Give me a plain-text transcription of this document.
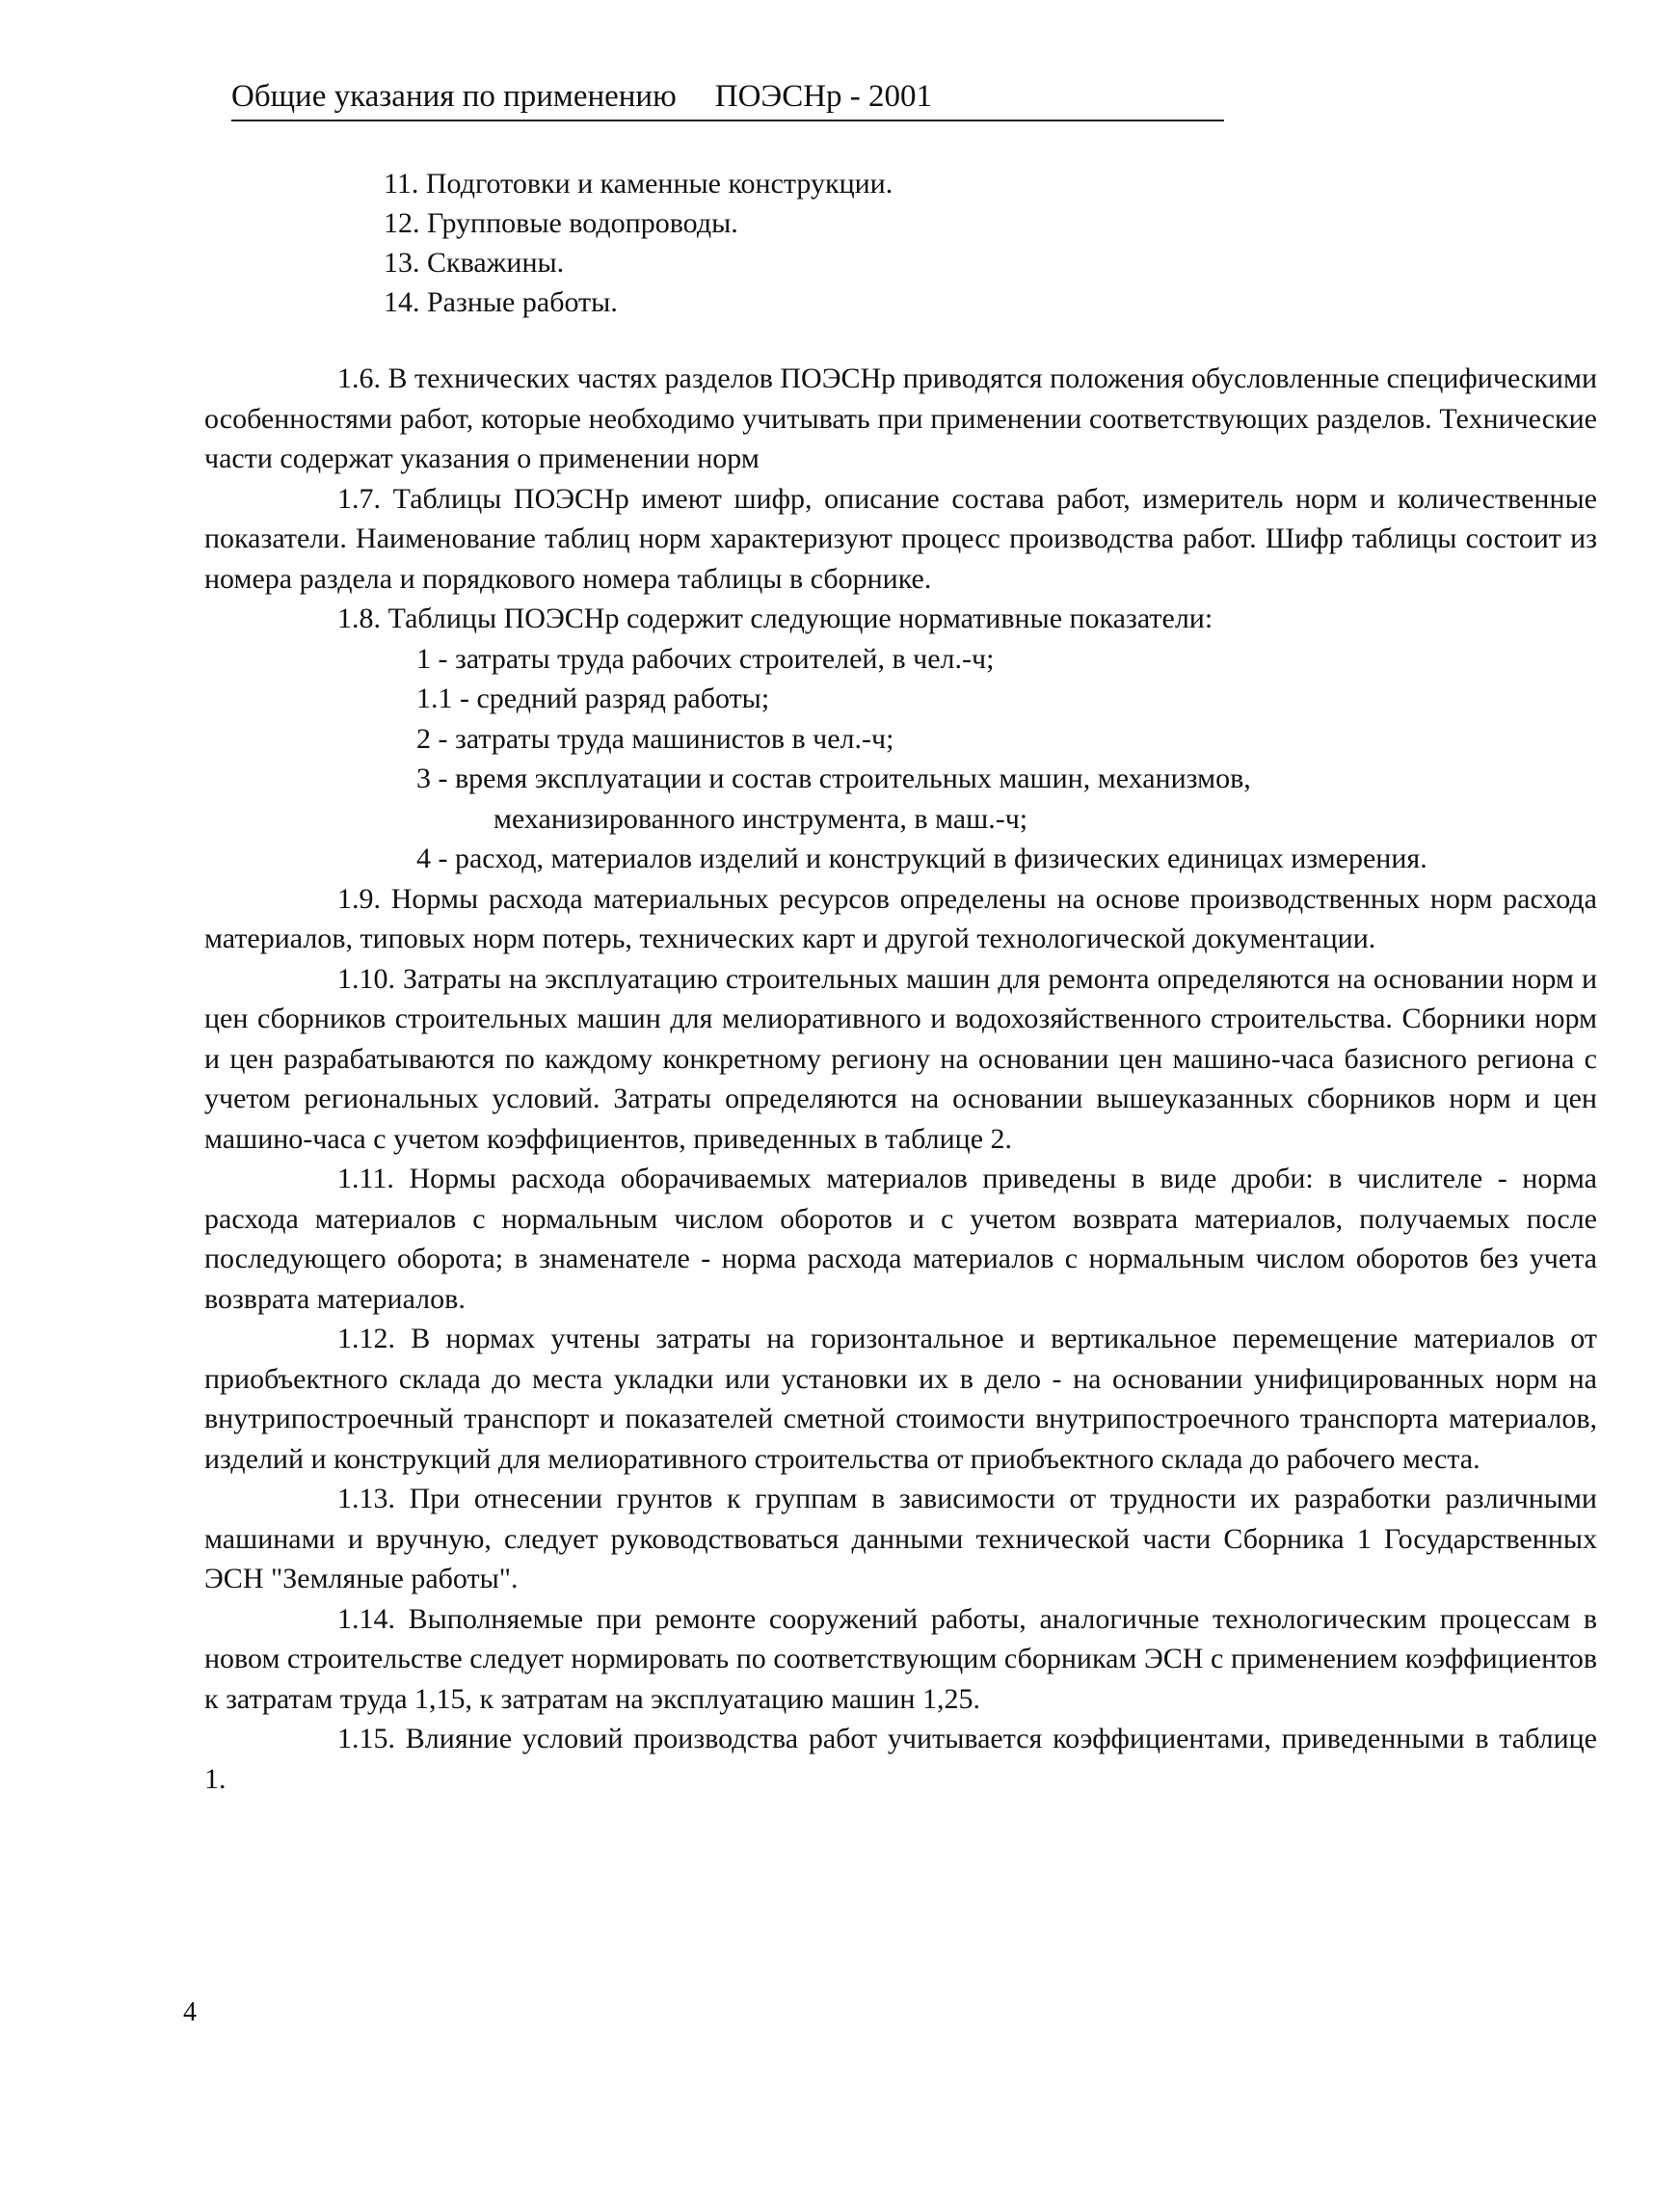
Общие указания по применению ПОЭСНр - 2001
11. Подготовки и каменные конструкции.
12. Групповые водопроводы.
13. Скважины.
14. Разные работы.

1.6. В технических частях разделов ПОЭСНр приводятся положения обусловленные специфическими особенностями работ, которые необходимо учитывать при применении соответствующих разделов. Технические части содержат указания о применении норм

1.7. Таблицы ПОЭСНр имеют шифр, описание состава работ, измеритель норм и количественные показатели. Наименование таблиц норм характеризуют процесс производства работ. Шифр таблицы состоит из номера раздела и порядкового номера таблицы в сборнике.

1.8. Таблицы ПОЭСНр содержит следующие нормативные показатели:

1 - затраты труда рабочих строителей, в чел.-ч;

1.1 - средний разряд работы;

2 - затраты труда машинистов в чел.-ч;

3 - время эксплуатации и состав строительных машин, механизмов,
механизированного инструмента, в маш.-ч;

4 - расход, материалов изделий и конструкций в физических единицах измерения.

1.9. Нормы расхода материальных ресурсов определены на основе производственных норм расхода материалов, типовых норм потерь, технических карт и другой технологической документации.

1.10. Затраты на эксплуатацию строительных машин для ремонта определяются на основании норм и цен сборников строительных машин для мелиоративного и водохозяйственного строительства. Сборники норм и цен разрабатываются по каждому конкретному региону на основании цен машино-часа базисного региона с учетом региональных условий. Затраты определяются на основании вышеуказанных сборников норм и цен машино-часа с учетом коэффициентов, приведенных в таблице 2.

1.11. Нормы расхода оборачиваемых материалов приведены в виде дроби: в числителе - норма расхода материалов с нормальным числом оборотов и с учетом возврата материалов, получаемых после последующего оборота; в знаменателе - норма расхода материалов с нормальным числом оборотов без учета возврата материалов.

1.12. В нормах учтены затраты на горизонтальное и вертикальное перемещение материалов от приобъектного склада до места укладки или установки их в дело - на основании унифицированных норм на внутрипостроечный транспорт и показателей сметной стоимости внутрипостроечного транспорта материалов, изделий и конструкций для мелиоративного строительства от приобъектного склада до рабочего места.

1.13. При отнесении грунтов к группам в зависимости от трудности их разработки различными машинами и вручную, следует руководствоваться данными технической части Сборника 1 Государственных ЭСН "Земляные работы".

1.14. Выполняемые при ремонте сооружений работы, аналогичные технологическим процессам в новом строительстве следует нормировать по соответствующим сборникам ЭСН с применением коэффициентов к затратам труда 1,15, к затратам на эксплуатацию машин 1,25.

1.15. Влияние условий производства работ учитывается коэффициентами, приведенными в таблице 1.

4
